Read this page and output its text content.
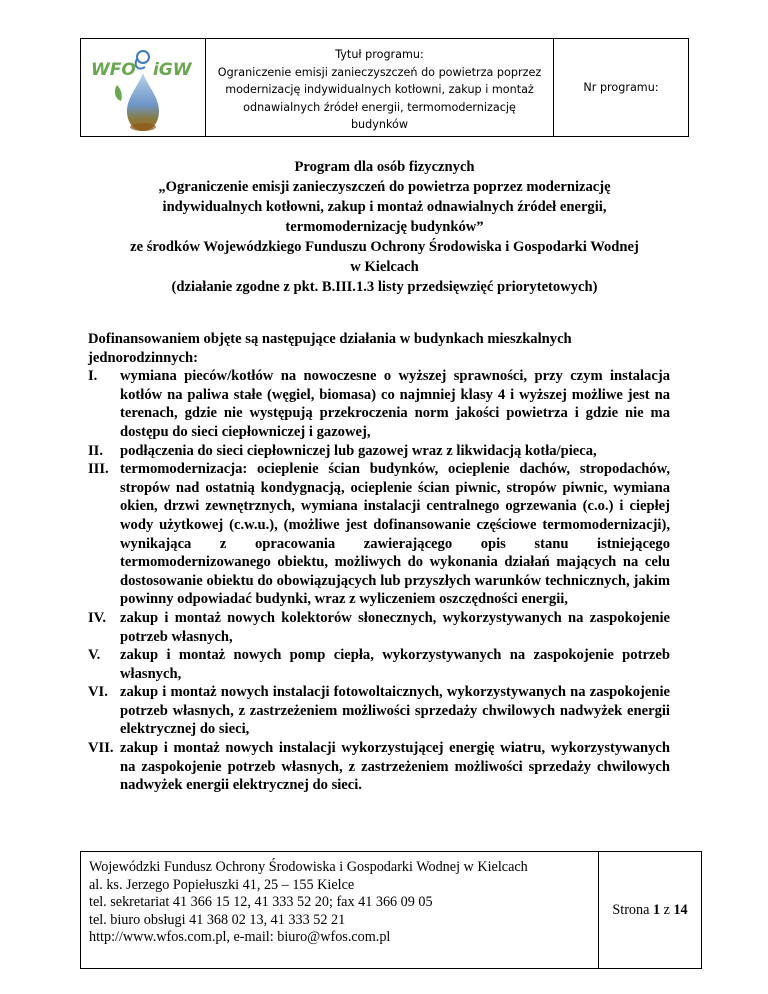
WFO iGW
Tytuł programu:
Ograniczenie emisji zanieczyszczeń do powietrza poprzez
modernizację indywidualnych kotłowni, zakup i montaż
odnawialnych źródeł energii, termomodernizację
budynków
Nr programu:
Program dla osób fizycznych
„Ograniczenie emisji zanieczyszczeń do powietrza poprzez modernizację
indywidualnych kotłowni, zakup i montaż odnawialnych źródeł energii,
termomodernizację budynków”
ze środków Wojewódzkiego Funduszu Ochrony Środowiska i Gospodarki Wodnej
w Kielcach
(działanie zgodne z pkt. B.III.1.3 listy przedsięwzięć priorytetowych)

Dofinansowaniem objęte są następujące działania w budynkach mieszkalnych jednorodzinnych:

I. wymiana pieców/kotłów na nowoczesne o wyższej sprawności, przy czym instalacja kotłów na paliwa stałe (węgiel, biomasa) co najmniej klasy 4 i wyższej możliwe jest na terenach, gdzie nie występują przekroczenia norm jakości powietrza i gdzie nie ma dostępu do sieci ciepłowniczej i gazowej,
II. podłączenia do sieci ciepłowniczej lub gazowej wraz z likwidacją kotła/pieca,
III. termomodernizacja: ocieplenie ścian budynków, ocieplenie dachów, stropodachów, stropów nad ostatnią kondygnacją, ocieplenie ścian piwnic, stropów piwnic, wymiana okien, drzwi zewnętrznych, wymiana instalacji centralnego ogrzewania (c.o.) i ciepłej wody użytkowej (c.w.u.), (możliwe jest dofinansowanie częściowe termomodernizacji), wynikająca z opracowania zawierającego opis stanu istniejącego termomodernizowanego obiektu, możliwych do wykonania działań mających na celu dostosowanie obiektu do obowiązujących lub przyszłych warunków technicznych, jakim powinny odpowiadać budynki, wraz z wyliczeniem oszczędności energii,
IV. zakup i montaż nowych kolektorów słonecznych, wykorzystywanych na zaspokojenie potrzeb własnych,
V. zakup i montaż nowych pomp ciepła, wykorzystywanych na zaspokojenie potrzeb własnych,
VI. zakup i montaż nowych instalacji fotowoltaicznych, wykorzystywanych na zaspokojenie potrzeb własnych, z zastrzeżeniem możliwości sprzedaży chwilowych nadwyżek energii elektrycznej do sieci,
VII. zakup i montaż nowych instalacji wykorzystującej energię wiatru, wykorzystywanych na zaspokojenie potrzeb własnych, z zastrzeżeniem możliwości sprzedaży chwilowych nadwyżek energii elektrycznej do sieci.
Wojewódzki Fundusz Ochrony Środowiska i Gospodarki Wodnej w Kielcach
al. ks. Jerzego Popiełuszki 41, 25 – 155 Kielce
tel. sekretariat 41 366 15 12, 41 333 52 20; fax 41 366 09 05
tel. biuro obsługi 41 368 02 13, 41 333 52 21
http://www.wfos.com.pl, e-mail: biuro@wfos.com.pl
Strona
1
z
14
